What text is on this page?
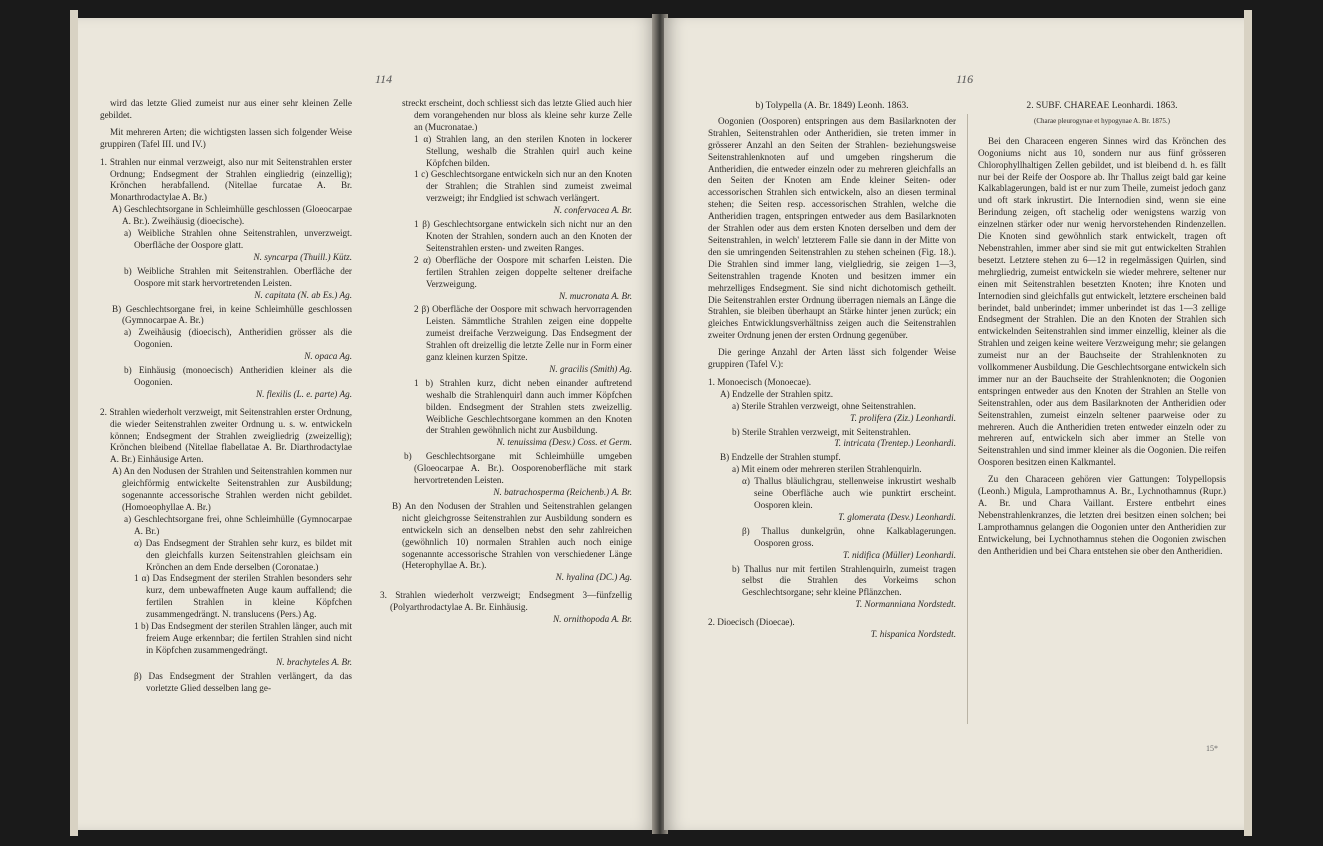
114

wird das letzte Glied zumeist nur aus einer sehr kleinen Zelle gebildet.

Mit mehreren Arten; die wichtigsten lassen sich folgender Weise gruppiren (Tafel III. und IV.)

1. Strahlen nur einmal verzweigt, also nur mit Seitenstrahlen erster Ordnung; Endsegment der Strahlen eingliedrig (einzellig); Krönchen herabfallend. (Nitellae furcatae A. Br. Monarthrodactylae A. Br.)

A) Geschlechtsorgane in Schleimhülle geschlossen (Gloeocarpae A. Br.). Zweihäusig (dioecische).

a) Weibliche Strahlen ohne Seitenstrahlen, unverzweigt. Oberfläche der Oospore glatt.

N. syncarpa (Thuill.) Kütz.

b) Weibliche Strahlen mit Seitenstrahlen. Oberfläche der Oospore mit stark hervortretenden Leisten.

N. capitata (N. ab Es.) Ag.

B) Geschlechtsorgane frei, in keine Schleimhülle geschlossen (Gymnocarpae A. Br.)

a) Zweihäusig (dioecisch), Antheridien grösser als die Oogonien.

N. opaca Ag.

b) Einhäusig (monoecisch) Antheridien kleiner als die Oogonien.

N. flexilis (L. e. parte) Ag.

2. Strahlen wiederholt verzweigt, mit Seitenstrahlen erster Ordnung, die wieder Seitenstrahlen zweiter Ordnung u. s. w. entwickeln können; Endsegment der Strahlen zweigliedrig (zweizellig); Krönchen bleibend (Nitellae flabellatae A. Br. Diarthrodactylae A. Br.) Einhäusige Arten.

A) An den Nodusen der Strahlen und Seitenstrahlen kommen nur gleichförmig entwickelte Seitenstrahlen zur Ausbildung; sogenannte accessorische Strahlen werden nicht gebildet. (Homoeophyllae A. Br.)

a) Geschlechtsorgane frei, ohne Schleimhülle (Gymnocarpae A. Br.)

α) Das Endsegment der Strahlen sehr kurz, es bildet mit den gleichfalls kurzen Seitenstrahlen gleichsam ein Krönchen an dem Ende derselben (Coronatae.)

1 α) Das Endsegment der sterilen Strahlen besonders sehr kurz, dem unbewaffneten Auge kaum auffallend; die fertilen Strahlen in kleine Köpfchen zusammengedrängt. N. translucens (Pers.) Ag.

1 b) Das Endsegment der sterilen Strahlen länger, auch mit freiem Auge erkennbar; die fertilen Strahlen sind nicht in Köpfchen zusammengedrängt.

N. brachyteles A. Br.

β) Das Endsegment der Strahlen verlängert, da das vorletzte Glied desselben lang ge-

streckt erscheint, doch schliesst sich das letzte Glied auch hier dem vorangehenden nur bloss als kleine sehr kurze Zelle an (Mucronatae.)

1 α) Strahlen lang, an den sterilen Knoten in lockerer Stellung, weshalb die Strahlen quirl auch keine Köpfchen bilden.

1 c) Geschlechtsorgane entwickeln sich nur an den Knoten der Strahlen; die Strahlen sind zumeist zweimal verzweigt; ihr Endglied ist schwach verlängert.

N. confervacea A. Br.

1 β) Geschlechtsorgane entwickeln sich nicht nur an den Knoten der Strahlen, sondern auch an den Knoten der Seitenstrahlen ersten- und zweiten Ranges.

2 α) Oberfläche der Oospore mit scharfen Leisten. Die fertilen Strahlen zeigen doppelte seltener dreifache Verzweigung.

N. mucronata A. Br.

2 β) Oberfläche der Oospore mit schwach hervorragenden Leisten. Sämmtliche Strahlen zeigen eine doppelte zumeist dreifache Verzweigung. Das Endsegment der Strahlen oft dreizellig die letzte Zelle nur in Form einer ganz kleinen kurzen Spitze.

N. gracilis (Smith) Ag.

1 b) Strahlen kurz, dicht neben einander auftretend weshalb die Strahlenquirl dann auch immer Köpfchen bilden. Endsegment der Strahlen stets zweizellig. Weibliche Geschlechtsorgane kommen an den Knoten der Strahlen gewöhnlich nicht zur Ausbildung.

N. tenuissima (Desv.) Coss. et Germ.

b) Geschlechtsorgane mit Schleimhülle umgeben (Gloeocarpae A. Br.). Oosporenoberfläche mit stark hervortretenden Leisten.

N. batrachosperma (Reichenb.) A. Br.

B) An den Nodusen der Strahlen und Seitenstrahlen gelangen nicht gleichgrosse Seitenstrahlen zur Ausbildung sondern es entwickeln sich an denselben nebst den sehr zahlreichen (gewöhnlich 10) normalen Strahlen auch noch einige sogenannte accessorische Strahlen von verschiedener Länge (Heterophyllae A. Br.).

N. hyalina (DC.) Ag.

3. Strahlen wiederholt verzweigt; Endsegment 3—fünfzellig (Polyarthrodactylae A. Br. Einhäusig.

N. ornithopoda A. Br.

116

b) Tolypella (A. Br. 1849) Leonh. 1863.

Oogonien (Oosporen) entspringen aus dem Basilarknoten der Strahlen, Seitenstrahlen oder Antheridien, sie treten immer in grösserer Anzahl an den Seiten der Strahlen- beziehungsweise Seitenstrahlenknoten auf und umgeben ringsherum die Antheridien, die entweder einzeln oder zu mehreren gleichfalls an den Seiten der Knoten am Ende kleiner Seiten- oder accessorischen Strahlen sich entwickeln, also an diesen terminal stehen; die Seiten resp. accessorischen Strahlen, welche die Antheridien tragen, entspringen entweder aus dem Basilarknoten der Strahlen oder aus dem ersten Knoten derselben und dem der Seitenstrahlen, in welch' letzterem Falle sie dann in der Mitte von den sie umringenden Seitenstrahlen zu stehen scheinen (Fig. 18.). Die Strahlen sind immer lang, vielgliedrig, sie zeigen 1—3, Seitenstrahlen tragende Knoten und besitzen immer ein mehrzelliges Endsegment. Sie sind nicht dichotomisch getheilt. Die Seitenstrahlen erster Ordnung überragen niemals an Länge die Strahlen, sie bleiben überhaupt an Stärke hinter jenen zurück; ein gleiches Entwicklungsverhältniss zeigen auch die Seitenstrahlen zweiter Ordnung jenen der ersten Ordnung gegenüber.

Die geringe Anzahl der Arten lässt sich folgender Weise gruppiren (Tafel V.):

1. Monoecisch (Monoecae).

A) Endzelle der Strahlen spitz.

a) Sterile Strahlen verzweigt, ohne Seitenstrahlen.

T. prolifera (Ziz.) Leonhardi.

b) Sterile Strahlen verzweigt, mit Seitenstrahlen.

T. intricata (Trentep.) Leonhardi.

B) Endzelle der Strahlen stumpf.

a) Mit einem oder mehreren sterilen Strahlenquirln.

α) Thallus bläulichgrau, stellenweise inkrustirt weshalb seine Oberfläche auch wie punktirt erscheint. Oosporen klein.

T. glomerata (Desv.) Leonhardi.

β) Thallus dunkelgrün, ohne Kalkablagerungen. Oosporen gross.

T. nidifica (Müller) Leonhardi.

b) Thallus nur mit fertilen Strahlenquirln, zumeist tragen selbst die Strahlen des Vorkeims schon Geschlechtsorgane; sehr kleine Pflänzchen.

T. Normanniana Nordstedt.

2. Dioecisch (Dioecae).

T. hispanica Nordstedt.

2. SUBF. CHAREAE Leonhardi. 1863.

(Charae pleurogynae et hypogynae A. Br. 1875.)

Bei den Characeen engeren Sinnes wird das Krönchen des Oogoniums nicht aus 10, sondern nur aus fünf grösseren Chlorophyllhaltigen Zellen gebildet, und ist bleibend d. h. es fällt nur bei der Reife der Oospore ab. Ihr Thallus zeigt bald gar keine Kalkablagerungen, bald ist er nur zum Theile, zumeist jedoch ganz und oft stark inkrustirt. Die Internodien sind, wenn sie eine Berindung zeigen, oft stachelig oder wenigstens warzig von einzelnen stärker oder nur wenig hervorstehenden Rindenzellen. Die Knoten sind gewöhnlich stark entwickelt, tragen oft Nebenstrahlen, immer aber sind sie mit gut entwickelten Strahlen besetzt. Letztere stehen zu 6—12 in regelmässigen Quirlen, sind mehrgliedrig, zumeist entwickeln sie wieder mehrere, seltener nur einen mit Seitenstrahlen besetzten Knoten; ihre Knoten und Internodien sind gleichfalls gut entwickelt, letztere erscheinen bald berindet, bald unberindet; immer unberindet ist das 1—3 zellige Endsegment der Strahlen. Die an den Knoten der Strahlen sich entwickelnden Seitenstrahlen sind immer einzellig, kleiner als die Strahlen und zeigen keine weitere Verzweigung mehr; sie gelangen zumeist nur an der Bauchseite der Strahlenknoten zu vollkommener Ausbildung. Die Geschlechtsorgane entwickeln sich immer nur an der Bauchseite der Strahlenknoten; die Oogonien entspringen entweder aus den Knoten der Strahlen an Stelle von Seitenstrahlen, oder aus dem Basilarknoten der Antheridien oder Seitenstrahlen, zumeist einzeln seltener paarweise oder zu mehreren. Auch die Antheridien treten entweder einzeln oder zu mehreren auf, entwickeln sich aber immer an Stelle von Seitenstrahlen und sind immer kleiner als die Oogonien. Die reifen Oosporen besitzen einen Kalkmantel.

Zu den Characeen gehören vier Gattungen: Tolypellopsis (Leonh.) Migula, Lamprothamnus A. Br., Lychnothamnus (Rupr.) A. Br. und Chara Vaillant. Erstere entbehrt eines Nebenstrahlenkranzes, die letzten drei besitzen einen solchen; bei Lamprothamnus gelangen die Oogonien unter den Antheridien zur Entwickelung, bei Lychnothamnus stehen die Oogonien zwischen den Antheridien und bei Chara entstehen sie ober den Antheridien.

15*
